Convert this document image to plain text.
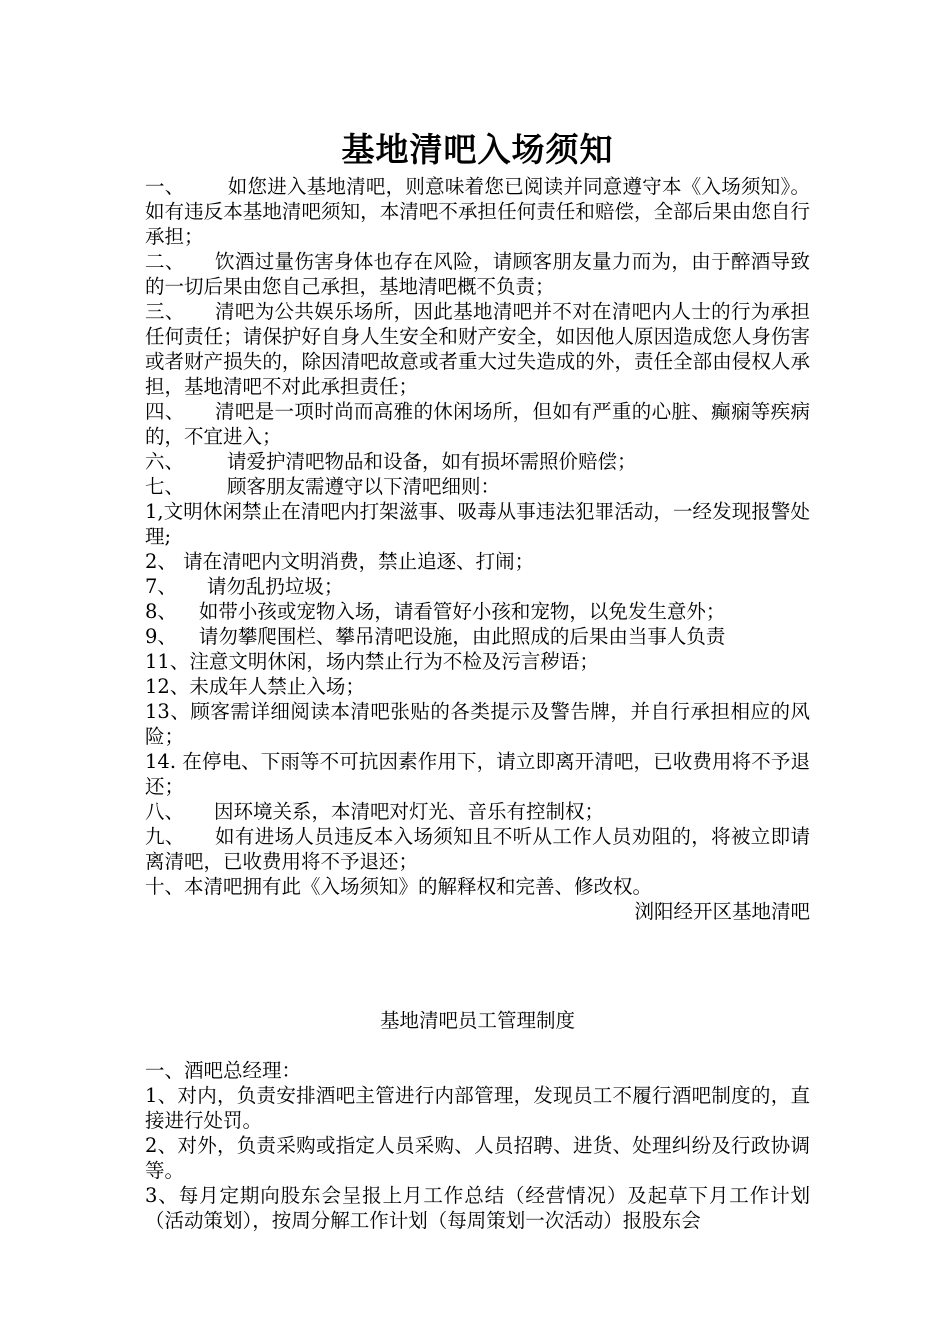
基地清吧入场须知

一、 如您进入基地清吧，则意味着您已阅读并同意遵守本《入场须知》。如有违反本基地清吧须知，本清吧不承担任何责任和赔偿，全部后果由您自行承担；

二、 饮酒过量伤害身体也存在风险，请顾客朋友量力而为，由于醉酒导致的一切后果由您自己承担，基地清吧概不负责；

三、 清吧为公共娱乐场所，因此基地清吧并不对在清吧内人士的行为承担任何责任；请保护好自身人生安全和财产安全，如因他人原因造成您人身伤害或者财产损失的，除因清吧故意或者重大过失造成的外，责任全部由侵权人承担，基地清吧不对此承担责任；

四、 清吧是一项时尚而高雅的休闲场所，但如有严重的心脏、癫痫等疾病的，不宜进入；

六、 请爱护清吧物品和设备，如有损坏需照价赔偿；

七、 顾客朋友需遵守以下清吧细则：

1,文明休闲禁止在清吧内打架滋事、吸毒从事违法犯罪活动，一经发现报警处理;

2、 请在清吧内文明消费，禁止追逐、打闹；

7、 请勿乱扔垃圾；

8、 如带小孩或宠物入场，请看管好小孩和宠物，以免发生意外；

9、 请勿攀爬围栏、攀吊清吧设施，由此照成的后果由当事人负责

11、注意文明休闲，场内禁止行为不检及污言秽语；

12、未成年人禁止入场；

13、顾客需详细阅读本清吧张贴的各类提示及警告牌，并自行承担相应的风险；

14. 在停电、下雨等不可抗因素作用下，请立即离开清吧，已收费用将不予退还；

八、 因环境关系，本清吧对灯光、音乐有控制权；

九、 如有进场人员违反本入场须知且不听从工作人员劝阻的，将被立即请离清吧，已收费用将不予退还；

十、本清吧拥有此《入场须知》的解释权和完善、修改权。

浏阳经开区基地清吧

基地清吧员工管理制度

一、酒吧总经理：

1、对内，负责安排酒吧主管进行内部管理，发现员工不履行酒吧制度的，直接进行处罚。

2、对外，负责采购或指定人员采购、人员招聘、进货、处理纠纷及行政协调等。

3、每月定期向股东会呈报上月工作总结（经营情况）及起草下月工作计划（活动策划），按周分解工作计划（每周策划一次活动）报股东会
